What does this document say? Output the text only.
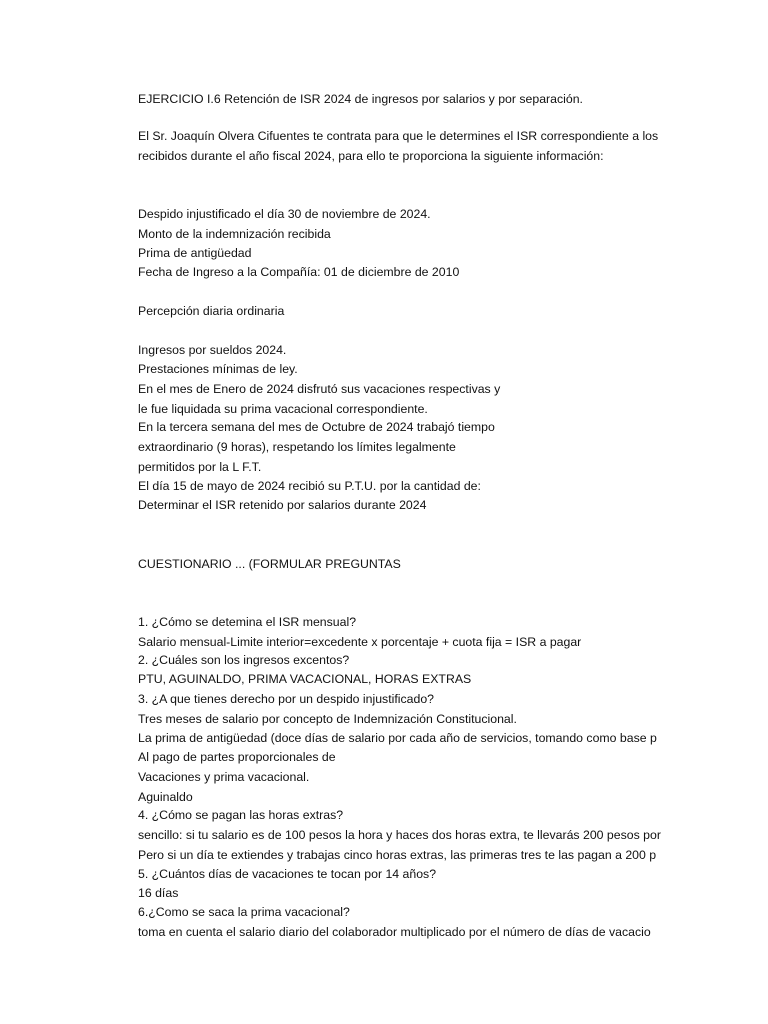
EJERCICIO I.6 Retención de ISR 2024 de ingresos por salarios y por separación.
El Sr. Joaquín Olvera Cifuentes te contrata para que le determines el ISR correspondiente a los
recibidos durante el año fiscal 2024, para ello te proporciona la siguiente información:
Despido injustificado el día 30 de noviembre de 2024.
Monto de la indemnización recibida
Prima de antigüedad
Fecha de Ingreso a la Compañía: 01 de diciembre de 2010
Percepción diaria ordinaria
Ingresos por sueldos 2024.
Prestaciones mínimas de ley.
En el mes de Enero de 2024 disfrutó sus vacaciones respectivas y
le fue liquidada su prima vacacional correspondiente.
En la tercera semana del mes de Octubre de 2024 trabajó tiempo
extraordinario (9 horas), respetando los límites legalmente
permitidos por la L F.T.
El día 15 de mayo de 2024 recibió su P.T.U. por la cantidad de:
Determinar el ISR retenido por salarios durante 2024
CUESTIONARIO ... (FORMULAR PREGUNTAS
1. ¿Cómo se detemina el ISR mensual?
Salario mensual-Limite interior=excedente x porcentaje + cuota fija = ISR a pagar
2. ¿Cuáles son los ingresos excentos?
PTU, AGUINALDO, PRIMA VACACIONAL, HORAS EXTRAS
3. ¿A que tienes derecho por un despido injustificado?
Tres meses de salario por concepto de Indemnización Constitucional.
La prima de antigüedad (doce días de salario por cada año de servicios, tomando como base p
Al pago de partes proporcionales de
Vacaciones y prima vacacional.
Aguinaldo
4. ¿Cómo se pagan las horas extras?
sencillo: si tu salario es de 100 pesos la hora y haces dos horas extra, te llevarás 200 pesos por
Pero si un día te extiendes y trabajas cinco horas extras, las primeras tres te las pagan a 200 p
5. ¿Cuántos días de vacaciones te tocan por 14 años?
16 días
6.¿Como se saca la prima vacacional?
toma en cuenta el salario diario del colaborador multiplicado por el número de días de vacacio
